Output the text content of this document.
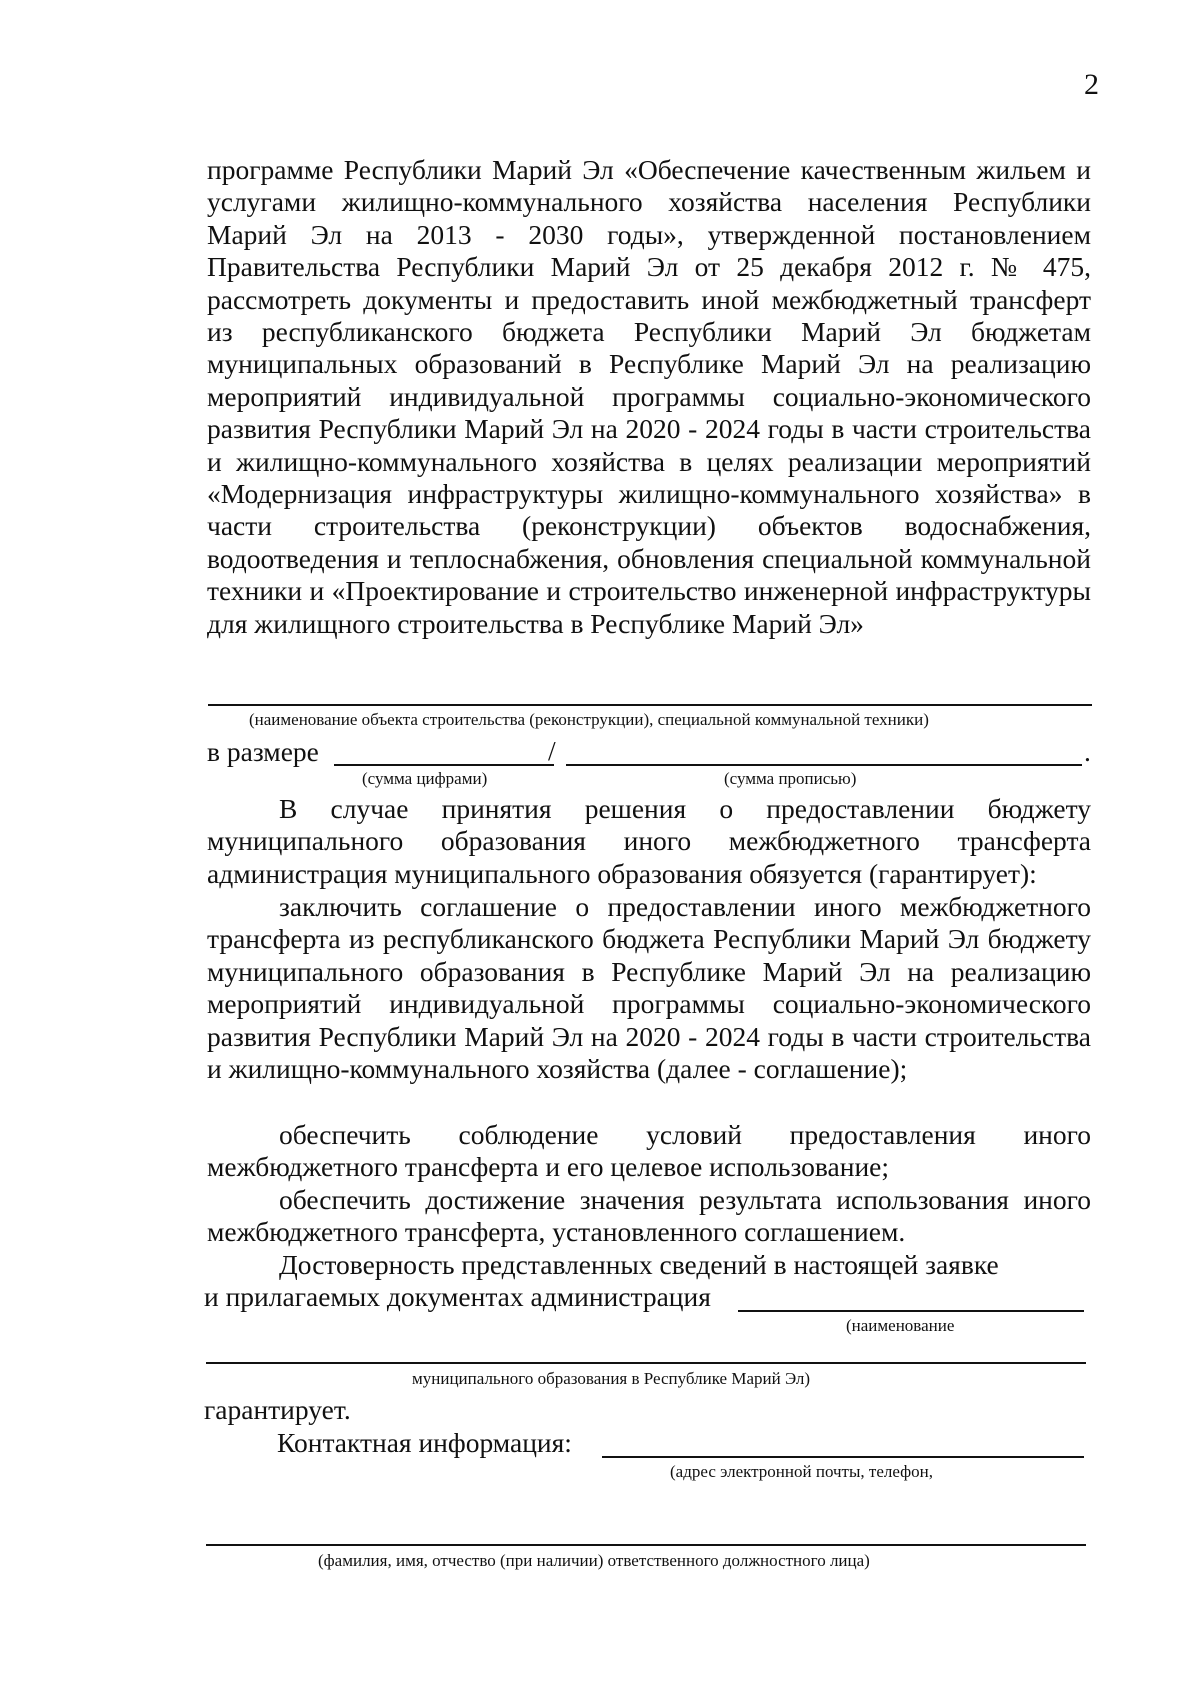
2
программе Республики Марий Эл «Обеспечение качественным жильем и услугами жилищно-коммунального хозяйства населения Республики Марий Эл на 2013 - 2030 годы», утвержденной постановлением Правительства Республики Марий Эл от 25 декабря 2012 г. № 475, рассмотреть документы и предоставить иной межбюджетный трансферт из республиканского бюджета Республики Марий Эл бюджетам муниципальных образований в Республике Марий Эл на реализацию мероприятий индивидуальной программы социально-экономического развития Республики Марий Эл на 2020 - 2024 годы в части строительства и жилищно-коммунального хозяйства в целях реализации мероприятий «Модернизация инфраструктуры жилищно-коммунального хозяйства» в части строительства (реконструкции) объектов водоснабжения, водоотведения и теплоснабжения, обновления специальной коммунальной техники и «Проектирование и строительство инженерной инфраструктуры для жилищного строительства в Республике Марий Эл»
(наименование объекта строительства (реконструкции), специальной коммунальной техники)
в размере	/	.
(сумма цифрами)	(сумма прописью)
В случае принятия решения о предоставлении бюджету муниципального образования иного межбюджетного трансферта администрация муниципального образования обязуется (гарантирует):
заключить соглашение о предоставлении иного межбюджетного трансферта из республиканского бюджета Республики Марий Эл бюджету муниципального образования в Республике Марий Эл на реализацию мероприятий индивидуальной программы социально-экономического развития Республики Марий Эл на 2020 - 2024 годы в части строительства и жилищно-коммунального хозяйства (далее - соглашение);
обеспечить соблюдение условий предоставления иного межбюджетного трансферта и его целевое использование;
обеспечить достижение значения результата использования иного межбюджетного трансферта, установленного соглашением.
Достоверность представленных сведений в настоящей заявке
и прилагаемых документах администрация
(наименование
муниципального образования в Республике Марий Эл)
гарантирует.
Контактная информация:
(адрес электронной почты, телефон,
(фамилия, имя, отчество (при наличии) ответственного должностного лица)
